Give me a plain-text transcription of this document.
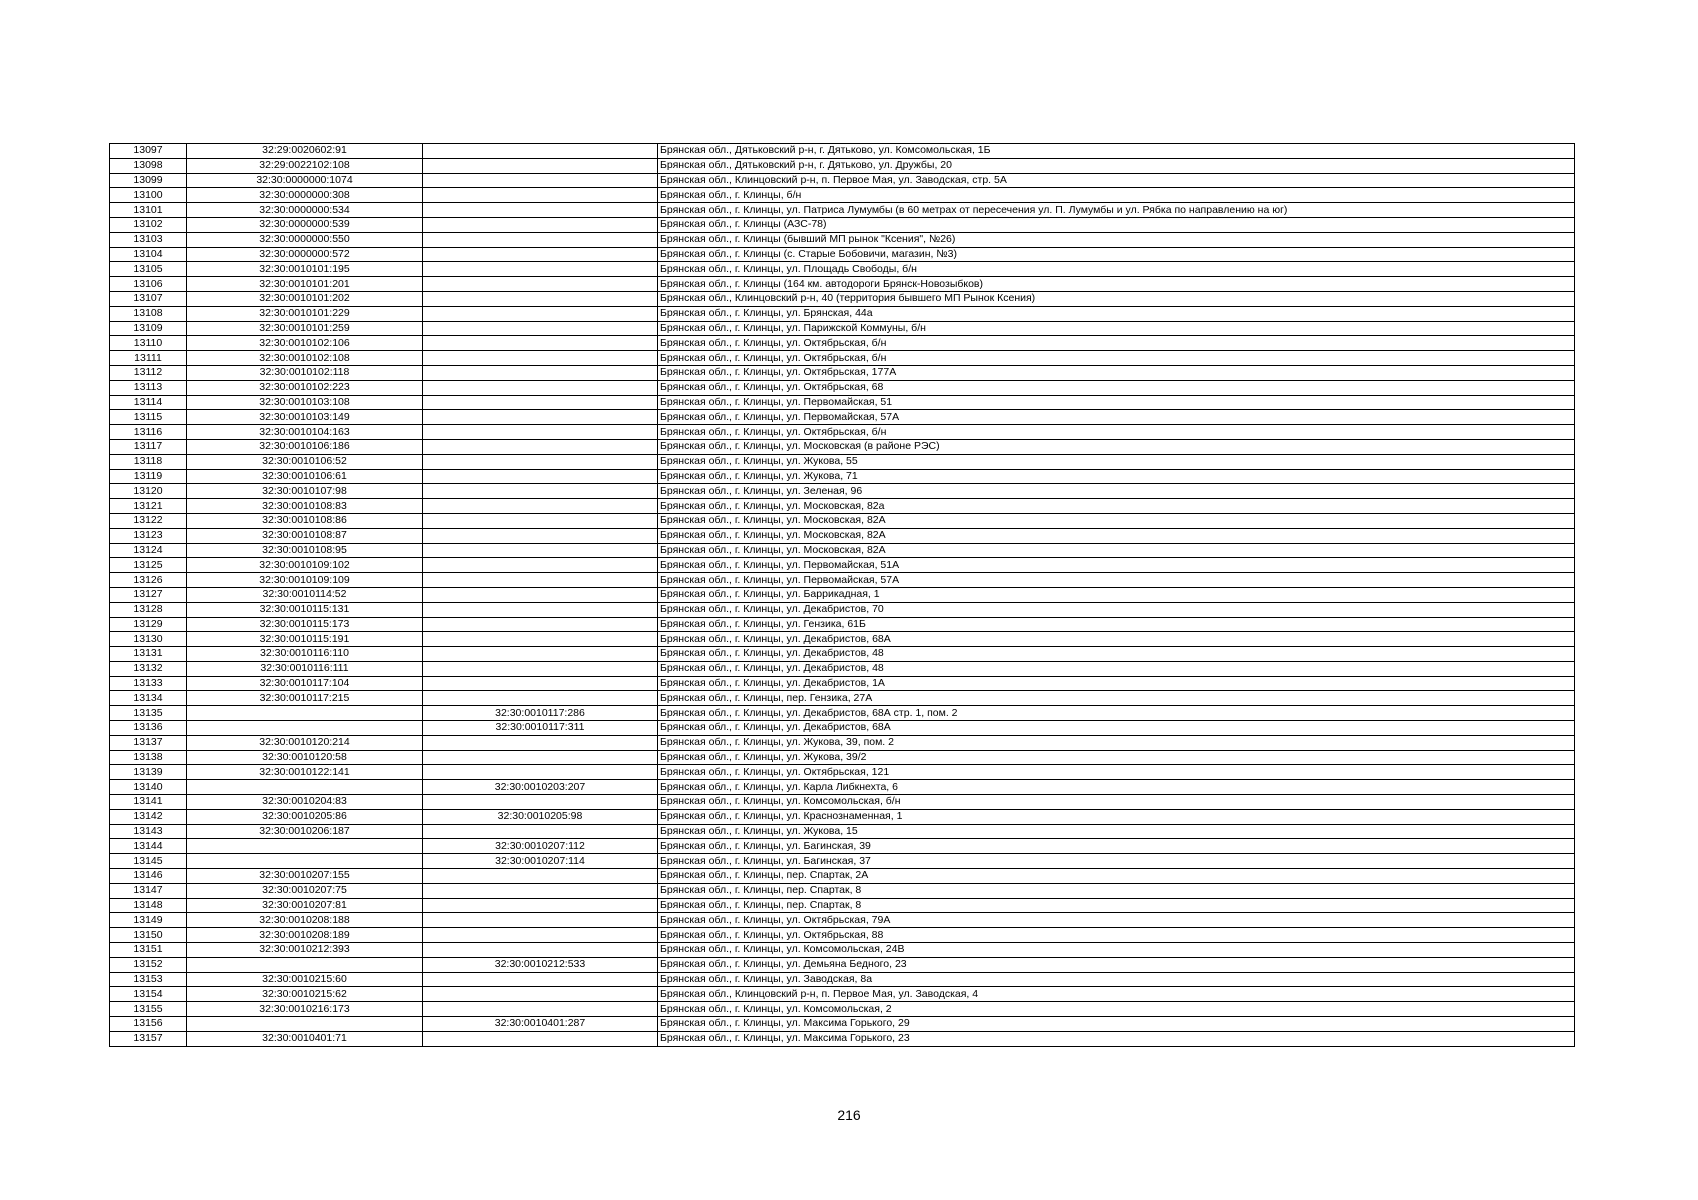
13097	32:29:0020602:91		Брянская обл., Дятьковский р-н, г. Дятьково, ул. Комсомольская, 1Б
13098	32:29:0022102:108		Брянская обл., Дятьковский р-н, г. Дятьково, ул. Дружбы, 20
13099	32:30:0000000:1074		Брянская обл., Клинцовский р-н, п. Первое Мая, ул. Заводская, стр. 5А
13100	32:30:0000000:308		Брянская обл., г. Клинцы, б/н
13101	32:30:0000000:534		Брянская обл., г. Клинцы, ул. Патриса Лумумбы (в 60 метрах от пересечения ул. П. Лумумбы и ул. Рябка по направлению на юг)
13102	32:30:0000000:539		Брянская обл., г. Клинцы (АЗС-78)
13103	32:30:0000000:550		Брянская обл., г. Клинцы (бывший МП рынок "Ксения", №26)
13104	32:30:0000000:572		Брянская обл., г. Клинцы (с. Старые Бобовичи, магазин, №3)
13105	32:30:0010101:195		Брянская обл., г. Клинцы, ул. Площадь Свободы, б/н
13106	32:30:0010101:201		Брянская обл., г. Клинцы (164 км. автодороги Брянск-Новозыбков)
13107	32:30:0010101:202		Брянская обл., Клинцовский р-н, 40 (территория бывшего МП Рынок Ксения)
13108	32:30:0010101:229		Брянская обл., г. Клинцы, ул. Брянская, 44а
13109	32:30:0010101:259		Брянская обл., г. Клинцы, ул. Парижской Коммуны, б/н
13110	32:30:0010102:106		Брянская обл., г. Клинцы, ул. Октябрьская, б/н
13111	32:30:0010102:108		Брянская обл., г. Клинцы, ул. Октябрьская, б/н
13112	32:30:0010102:118		Брянская обл., г. Клинцы, ул. Октябрьская, 177А
13113	32:30:0010102:223		Брянская обл., г. Клинцы, ул. Октябрьская, 68
13114	32:30:0010103:108		Брянская обл., г. Клинцы, ул. Первомайская, 51
13115	32:30:0010103:149		Брянская обл., г. Клинцы, ул. Первомайская, 57А
13116	32:30:0010104:163		Брянская обл., г. Клинцы, ул. Октябрьская, б/н
13117	32:30:0010106:186		Брянская обл., г. Клинцы, ул. Московская (в районе РЭС)
13118	32:30:0010106:52		Брянская обл., г. Клинцы, ул. Жукова, 55
13119	32:30:0010106:61		Брянская обл., г. Клинцы, ул. Жукова, 71
13120	32:30:0010107:98		Брянская обл., г. Клинцы, ул. Зеленая, 96
13121	32:30:0010108:83		Брянская обл., г. Клинцы, ул. Московская, 82а
13122	32:30:0010108:86		Брянская обл., г. Клинцы, ул. Московская, 82А
13123	32:30:0010108:87		Брянская обл., г. Клинцы, ул. Московская, 82А
13124	32:30:0010108:95		Брянская обл., г. Клинцы, ул. Московская, 82А
13125	32:30:0010109:102		Брянская обл., г. Клинцы, ул. Первомайская, 51А
13126	32:30:0010109:109		Брянская обл., г. Клинцы, ул. Первомайская, 57А
13127	32:30:0010114:52		Брянская обл., г. Клинцы, ул. Баррикадная, 1
13128	32:30:0010115:131		Брянская обл., г. Клинцы, ул. Декабристов, 70
13129	32:30:0010115:173		Брянская обл., г. Клинцы, ул. Гензика, 61Б
13130	32:30:0010115:191		Брянская обл., г. Клинцы, ул. Декабристов, 68А
13131	32:30:0010116:110		Брянская обл., г. Клинцы, ул. Декабристов, 48
13132	32:30:0010116:111		Брянская обл., г. Клинцы, ул. Декабристов, 48
13133	32:30:0010117:104		Брянская обл., г. Клинцы, ул. Декабристов, 1А
13134	32:30:0010117:215		Брянская обл., г. Клинцы, пер. Гензика, 27А
13135		32:30:0010117:286	Брянская обл., г. Клинцы, ул. Декабристов, 68А стр. 1, пом. 2
13136		32:30:0010117:311	Брянская обл., г. Клинцы, ул. Декабристов, 68А
13137	32:30:0010120:214		Брянская обл., г. Клинцы, ул. Жукова, 39, пом. 2
13138	32:30:0010120:58		Брянская обл., г. Клинцы, ул. Жукова, 39/2
13139	32:30:0010122:141		Брянская обл., г. Клинцы, ул. Октябрьская, 121
13140		32:30:0010203:207	Брянская обл., г. Клинцы, ул. Карла Либкнехта, 6
13141	32:30:0010204:83		Брянская обл., г. Клинцы, ул. Комсомольская, б/н
13142	32:30:0010205:86	32:30:0010205:98	Брянская обл., г. Клинцы, ул. Краснознаменная, 1
13143	32:30:0010206:187		Брянская обл., г. Клинцы, ул. Жукова, 15
13144		32:30:0010207:112	Брянская обл., г. Клинцы, ул. Багинская, 39
13145		32:30:0010207:114	Брянская обл., г. Клинцы, ул. Багинская, 37
13146	32:30:0010207:155		Брянская обл., г. Клинцы, пер. Спартак, 2А
13147	32:30:0010207:75		Брянская обл., г. Клинцы, пер. Спартак, 8
13148	32:30:0010207:81		Брянская обл., г. Клинцы, пер. Спартак, 8
13149	32:30:0010208:188		Брянская обл., г. Клинцы, ул. Октябрьская, 79А
13150	32:30:0010208:189		Брянская обл., г. Клинцы, ул. Октябрьская, 88
13151	32:30:0010212:393		Брянская обл., г. Клинцы, ул. Комсомольская, 24В
13152		32:30:0010212:533	Брянская обл., г. Клинцы, ул. Демьяна Бедного, 23
13153	32:30:0010215:60		Брянская обл., г. Клинцы, ул. Заводская, 8а
13154	32:30:0010215:62		Брянская обл., Клинцовский р-н, п. Первое Мая, ул. Заводская, 4
13155	32:30:0010216:173		Брянская обл., г. Клинцы, ул. Комсомольская, 2
13156		32:30:0010401:287	Брянская обл., г. Клинцы, ул. Максима Горького, 29
13157	32:30:0010401:71		Брянская обл., г. Клинцы, ул. Максима Горького, 23
216
